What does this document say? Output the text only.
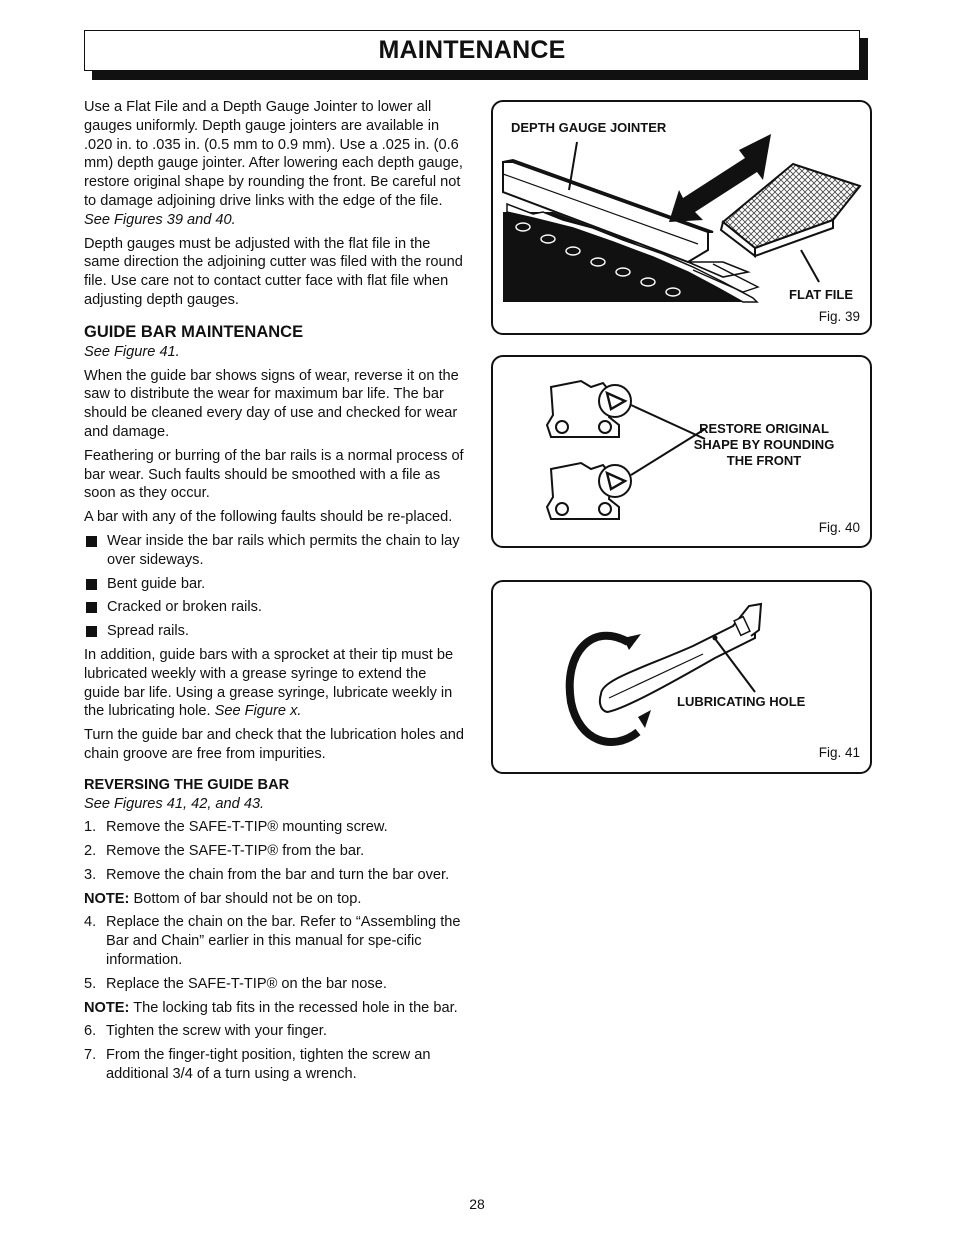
MAINTENANCE

Use a Flat File and a Depth Gauge Jointer to lower all gauges uniformly. Depth gauge jointers are available in .020 in. to .035 in. (0.5 mm to 0.9 mm). Use a .025 in. (0.6 mm) depth gauge jointer. After lowering each depth gauge, restore original shape by rounding the front. Be careful not to damage adjoining drive links with the edge of the file. See Figures 39 and 40.

Depth gauges must be adjusted with the flat file in the same direction the adjoining cutter was filed with the round file. Use care not to contact cutter face with flat file when adjusting depth gauges.

GUIDE BAR MAINTENANCE

See Figure 41.

When the guide bar shows signs of wear, reverse it on the saw to distribute the wear for maximum bar life. The bar should be cleaned every day of use and checked for wear and damage.

Feathering or burring of the bar rails is a normal process of bar wear. Such faults should be smoothed with a file as soon as they occur.

A bar with any of the following faults should be re-placed.

Wear inside the bar rails which permits the chain to lay over sideways.
Bent guide bar.
Cracked or broken rails.
Spread rails.

In addition, guide bars with a sprocket at their tip must be lubricated weekly with a grease syringe to extend the guide bar life. Using a grease syringe, lubricate weekly in the lubricating hole. See Figure x.

Turn the guide bar and check that the lubrication holes and chain groove are free from impurities.

REVERSING THE GUIDE BAR

See Figures 41, 42, and 43.

1. Remove the SAFE-T-TIP® mounting screw.
2. Remove the SAFE-T-TIP® from the bar.
3. Remove the chain from the bar and turn the bar over.

NOTE: Bottom of bar should not be on top.

4. Replace the chain on the bar. Refer to “Assembling the Bar and Chain” earlier in this manual for spe-cific information.
5. Replace the SAFE-T-TIP® on the bar nose.

NOTE: The locking tab fits in the recessed hole in the bar.

6. Tighten the screw with your finger.
7. From the finger-tight position, tighten the screw an additional 3/4 of a turn using a wrench.
DEPTH GAUGE JOINTER
FLAT FILE
Fig. 39
RESTORE ORIGINAL
SHAPE BY ROUNDING
THE FRONT
Fig. 40
LUBRICATING HOLE
Fig. 41
28
